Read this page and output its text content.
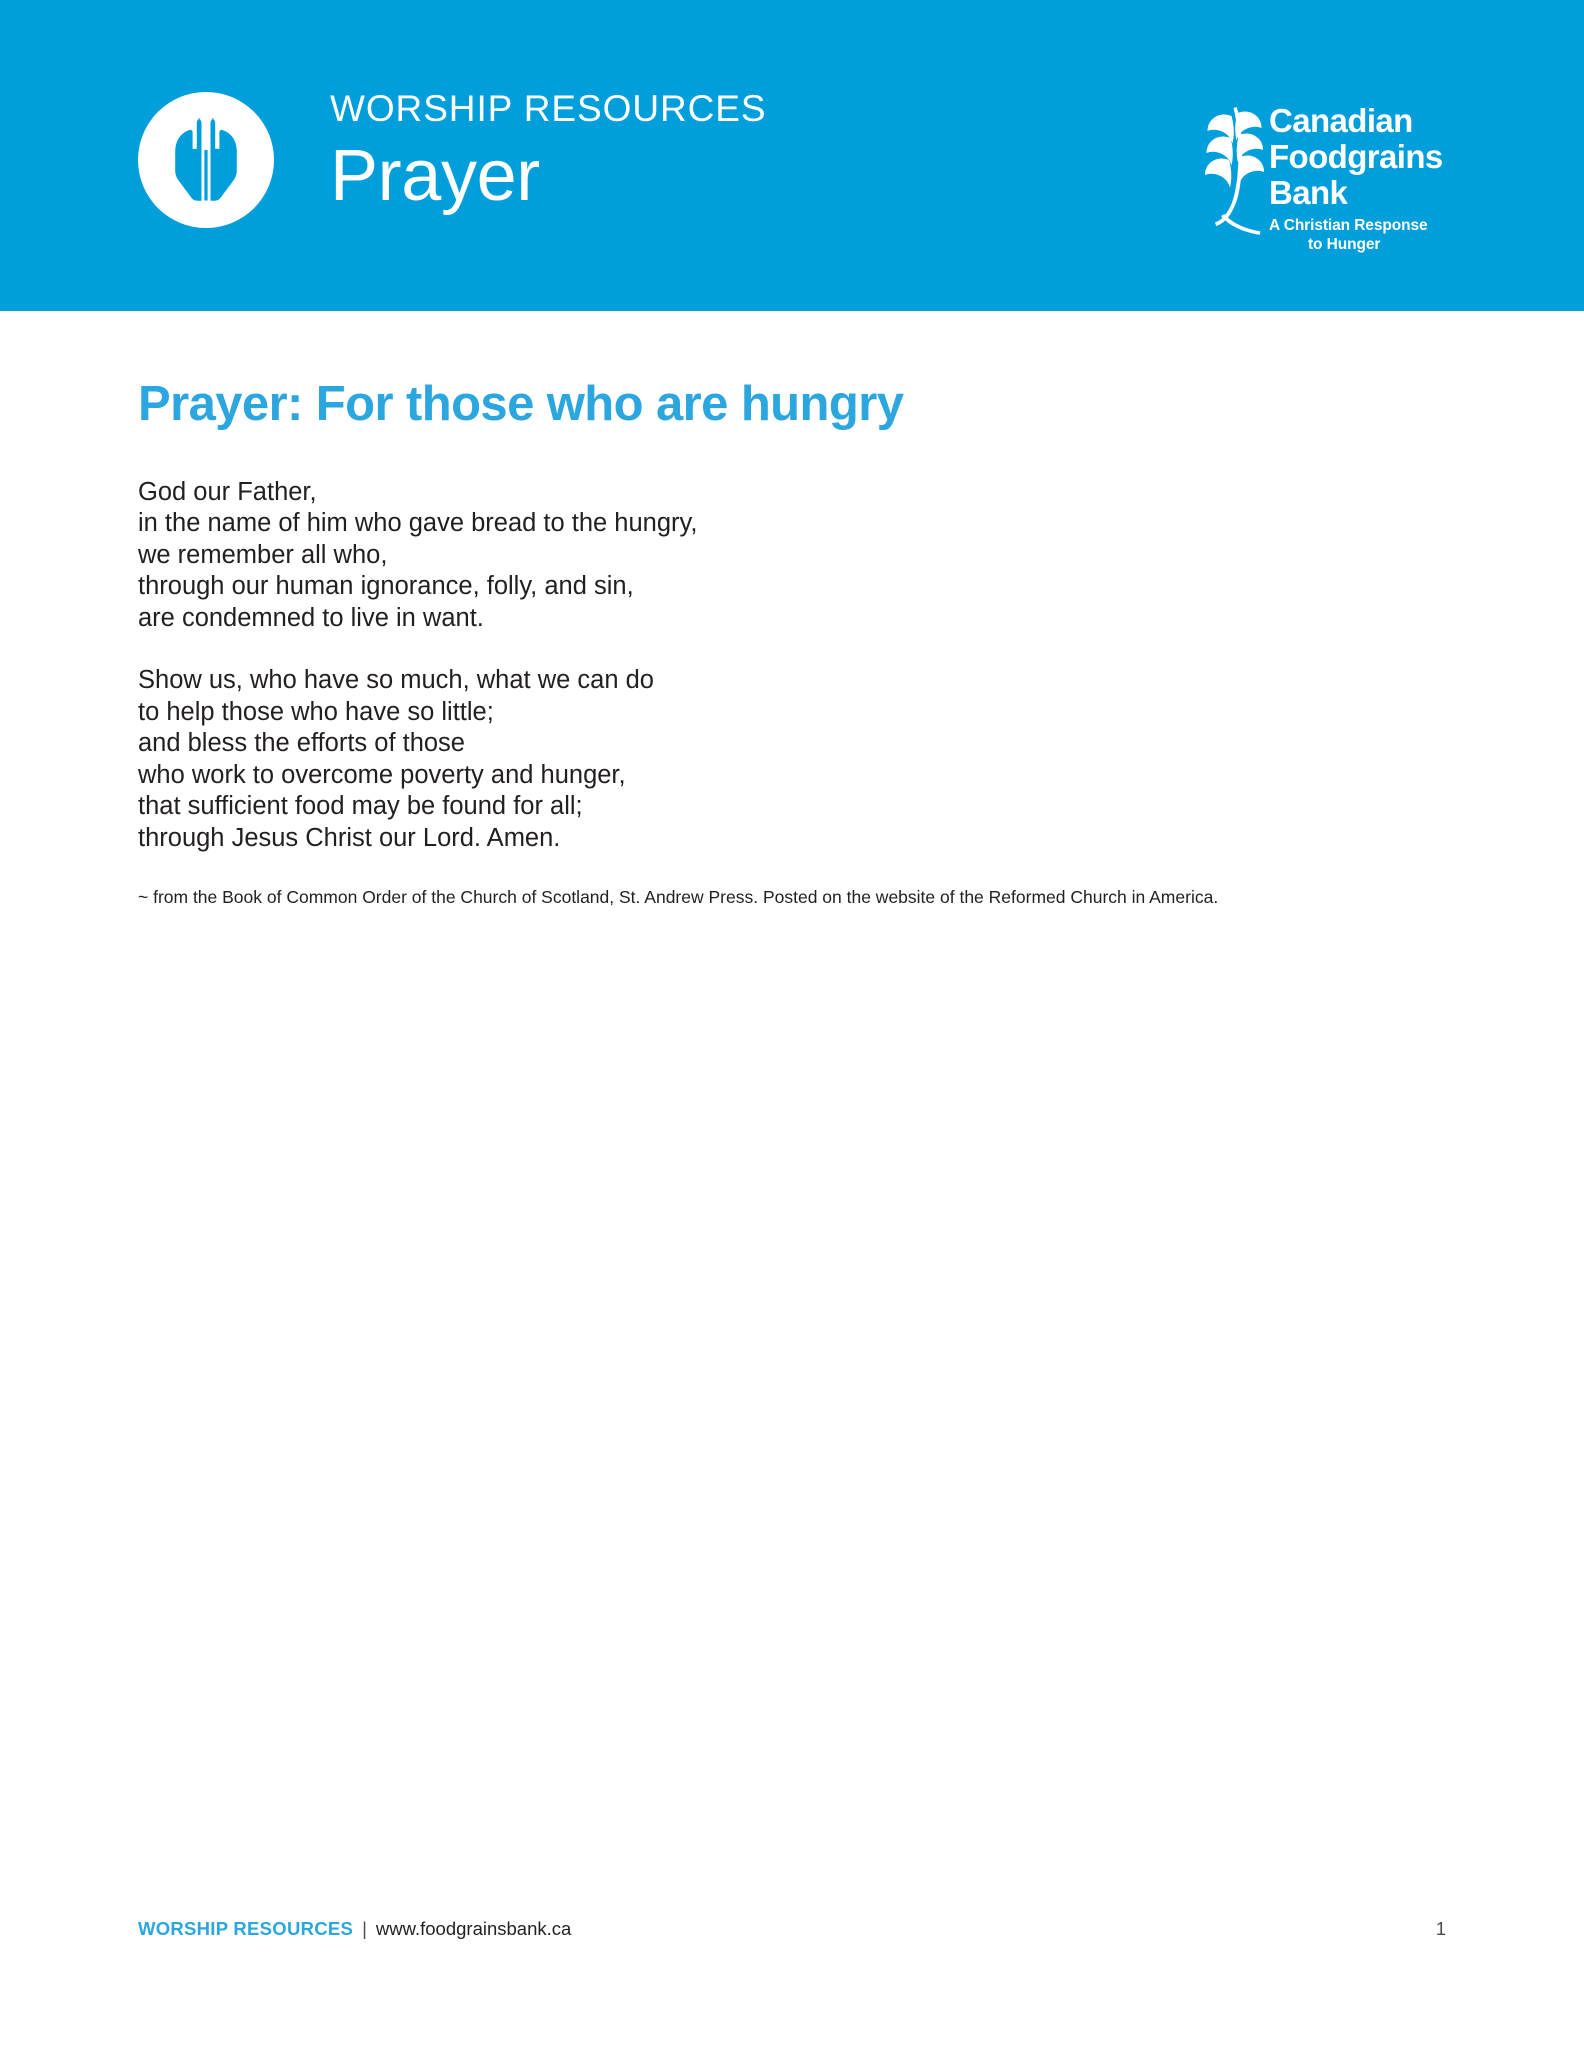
WORSHIP RESOURCES
Prayer
Canadian
Foodgrains
Bank
A Christian Response
to Hunger
Prayer: For those who are hungry

God our Father,
in the name of him who gave bread to the hungry,
we remember all who,
through our human ignorance, folly, and sin,
are condemned to live in want.

Show us, who have so much, what we can do
to help those who have so little;
and bless the efforts of those
who work to overcome poverty and hunger,
that sufficient food may be found for all;
through Jesus Christ our Lord. Amen.

~ from the Book of Common Order of the Church of Scotland, St. Andrew Press. Posted on the website of the Reformed Church in America.

WORSHIP RESOURCES | www.foodgrainsbank.ca	1
